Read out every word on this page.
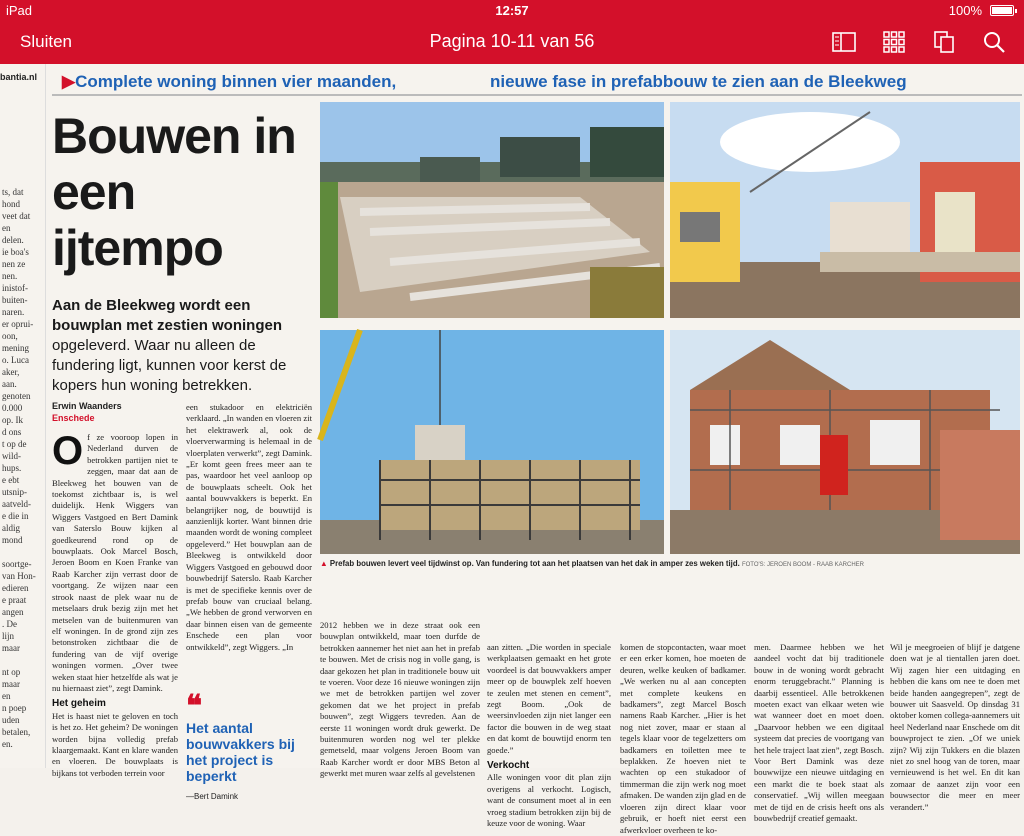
iPad	12:57	100%
Sluiten	Pagina 10-11 van 56
bantia.nl
ts, dat
hond
veet dat
en
delen.
ie boa's
nen ze
nen.
inistof-
buiten-
naren.
er oprui-
oon,
mening
o. Luca
aker,
aan.
genoten
0.000
op. Ik
d ons
t op de
wild-
hups.
e ebt
utsnip-
aatveld-
e die in
aldig
mond

soortge-
van Hon-
edieren
e praat
angen
. De
lijn
maar

nt op
maar
en
n poep
uden
betalen,
en.
▶Complete woning binnen vier maanden,	nieuwe fase in prefabbouw te zien aan de Bleekweg
Bouwen in een ijtempo
Aan de Bleekweg wordt een bouwplan met zestien woningen opgeleverd. Waar nu alleen de fundering ligt, kunnen voor kerst de kopers hun woning betrekken.
Erwin Waanders
Enschede
Of ze vooroop lopen in Nederland durven de betrokken partijen niet te zeggen, maar dat aan de Bleekweg het bouwen van de toekomst zichtbaar is, is wel duidelijk. Henk Wiggers van Wiggers Vastgoed en Bert Damink van Saterslo Bouw kijken al goedkeurend rond op de bouwplaats. Ook Marcel Bosch, Jeroen Boom en Koen Franke van Raab Karcher zijn verrast door de voortgang. Ze wijzen naar een strook naast de plek waar nu de metselaars druk bezig zijn met het metselen van de buitenmuren van elf woningen. In de grond zijn zes betonstroken zichtbaar die de fundering van de vijf overige woningen vormen. „Over twee weken staat hier hetzelfde als wat je nu hiernaast ziet”, zegt Damink.
Het geheim
Het is haast niet te geloven en toch is het zo. Het geheim? De woningen worden bijna volledig prefab klaargemaakt. Kant en klare wanden en vloeren. De bouwplaats is bijkans tot verboden terrein voor
een stukadoor en elektriciën verklaard. „In wanden en vloeren zit het elektrawerk al, ook de vloerverwarming is helemaal in de vloerplaten verwerkt”, zegt Damink. „Er komt geen frees meer aan te pas, waardoor het veel aanloop op de bouwplaats scheelt. Ook het aantal bouwvakkers is beperkt. En belangrijker nog, de bouwtijd is aanzienlijk korter. Want binnen drie maanden wordt de woning compleet opgeleverd.” Het bouwplan aan de Bleekweg is ontwikkeld door Wiggers Vastgoed en gebouwd door bouwbedrijf Saterslo. Raab Karcher is met de specifieke kennis over de prefab bouw van cruciaal belang. „We hebben de grond verworven en daar binnen eisen van de gemeente Enschede een plan voor ontwikkeld”, zegt Wiggers. „In
❝
Het aantal bouwvakkers bij het project is beperkt
—Bert Damink
▲ Prefab bouwen levert veel tijdwinst op. Van fundering tot aan het plaatsen van het dak in amper zes weken tijd. FOTO'S: JEROEN BOOM - RAAB KARCHER
2012 hebben we in deze straat ook een bouwplan ontwikkeld, maar toen durfde de betrokken aannemer het niet aan het in prefab te bouwen. Met de crisis nog in volle gang, is daar gekozen het plan in traditionele bouw uit te voeren. Voor deze 16 nieuwe woningen zijn we met de betrokken partijen wel zover gekomen dat we het project in prefab bouwen”, zegt Wiggers tevreden. Aan de eerste 11 woningen wordt druk gewerkt. De buitenmuren worden nog wel ter plekke gemetseld, maar volgens Jeroen Boom van Raab Karcher wordt er door MBS Beton al gewerkt met muren waar zelfs al gevelstenen
aan zitten. „Die worden in speciale werkplaatsen gemaakt en het grote voordeel is dat bouwvakkers amper meer op de bouwplek zelf hoeven te zeulen met stenen en cement”, zegt Boom. „Ook de weersinvloeden zijn niet langer een factor die bouwen in de weg staat en dat komt de bouwtijd enorm ten goede.”
Verkocht
Alle woningen voor dit plan zijn overigens al verkocht. Logisch, want de consument moet al in een vroeg stadium betrokken zijn bij de keuze voor de woning. Waar
komen de stopcontacten, waar moet er een erker komen, hoe moeten de deuren, welke keuken of badkamer. „We werken nu al aan concepten met complete keukens en badkamers”, zegt Marcel Bosch namens Raab Karcher. „Hier is het nog niet zover, maar er staan al tegels klaar voor de tegelzetters om badkamers en toiletten mee te beplakken. Ze hoeven niet te wachten op een stukadoor of timmerman die zijn werk nog moet afmaken. De wanden zijn glad en de vloeren zijn direct klaar voor gebruik, er hoeft niet eerst een afwerkvloer overheen te ko-
men. Daarmee hebben we het aandeel vocht dat bij traditionele bouw in de woning wordt gebracht enorm teruggebracht.” Planning is daarbij essentieel. Alle betrokkenen moeten exact van elkaar weten wie wat wanneer doet en moet doen. „Daarvoor hebben we een digitaal systeem dat precies de voortgang van het hele traject laat zien”, zegt Bosch. Voor Bert Damink was deze bouwwijze een nieuwe uitdaging en een markt die te boek staat als conservatief. „Wij willen meegaan met de tijd en de crisis heeft ons als bouwbedrijf creatief gemaakt.
Wil je meegroeien of blijf je datgene doen wat je al tientallen jaren doet. Wij zagen hier een uitdaging en hebben die kans om nee te doen met beide handen aangegrepen”, zegt de bouwer uit Saasveld. Op dinsdag 31 oktober komen collega-aannemers uit heel Nederland naar Enschede om dit bouwproject te zien. „Of we uniek zijn? Wij zijn Tukkers en die blazen niet zo snel hoog van de toren, maar vernieuwend is het wel. En dit kan zomaar de aanzet zijn voor een bouwsector die meer en meer verandert.”
